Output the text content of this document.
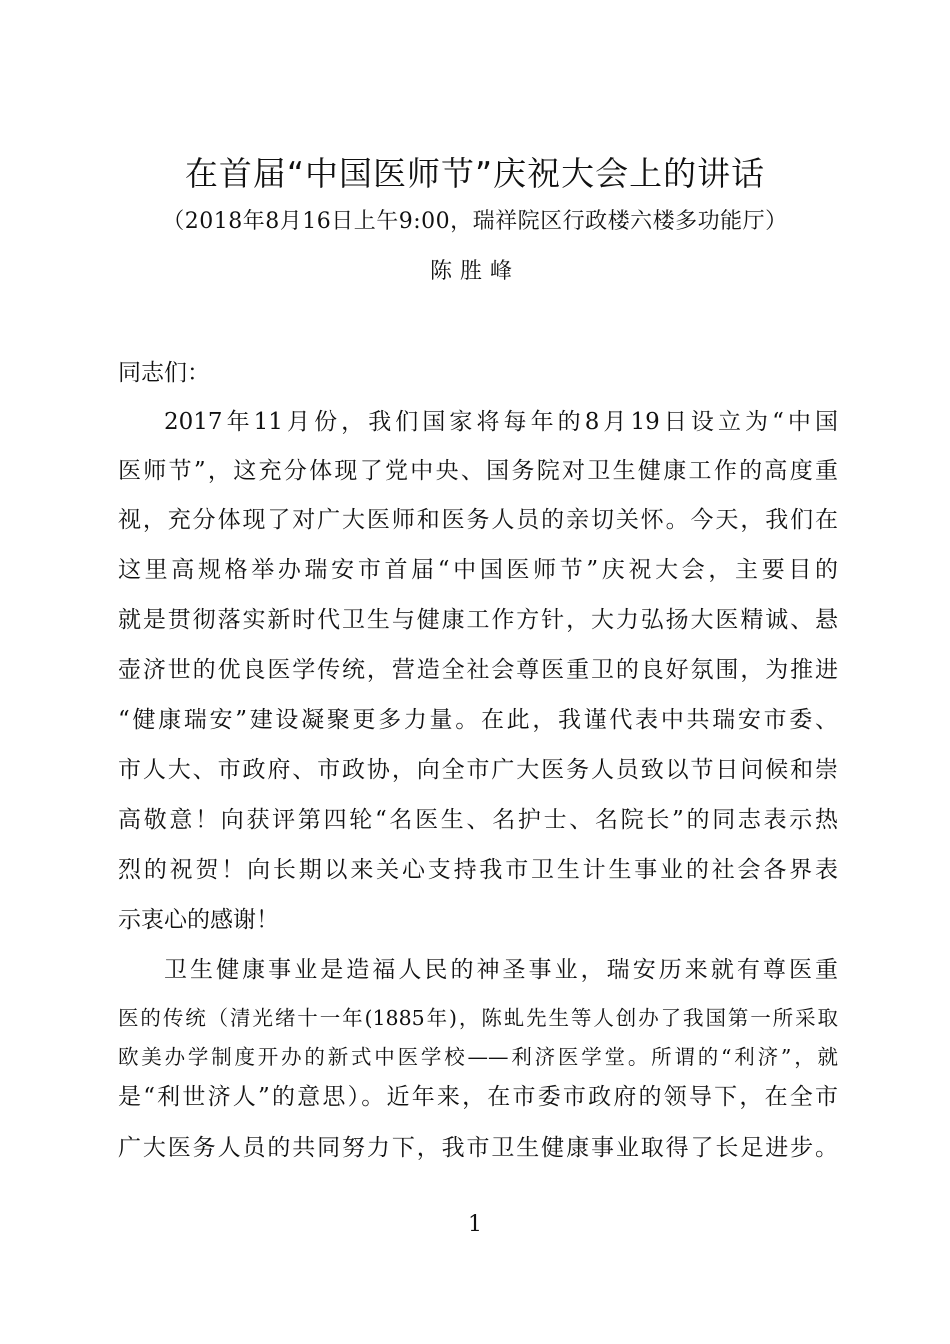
在首届“中国医师节”庆祝大会上的讲话
（2018年8月16日上午9:00，瑞祥院区行政楼六楼多功能厅）
陈胜峰
同志们：
2017年11月份，我们国家将每年的8月19日设立为“中国
医师节”，这充分体现了党中央、国务院对卫生健康工作的高度重
视，充分体现了对广大医师和医务人员的亲切关怀。今天，我们在
这里高规格举办瑞安市首届“中国医师节”庆祝大会，主要目的
就是贯彻落实新时代卫生与健康工作方针，大力弘扬大医精诚、悬
壶济世的优良医学传统，营造全社会尊医重卫的良好氛围，为推进
“健康瑞安”建设凝聚更多力量。在此，我谨代表中共瑞安市委、
市人大、市政府、市政协，向全市广大医务人员致以节日问候和崇
高敬意！向获评第四轮“名医生、名护士、名院长”的同志表示热
烈的祝贺！向长期以来关心支持我市卫生计生事业的社会各界表
示衷心的感谢！
卫生健康事业是造福人民的神圣事业，瑞安历来就有尊医重
医的传统（清光绪十一年(1885年)，陈虬先生等人创办了我国第一所采取
欧美办学制度开办的新式中医学校——利济医学堂。所谓的“利济”，就
是“利世济人”的意思）。近年来，在市委市政府的领导下，在全市
广大医务人员的共同努力下，我市卫生健康事业取得了长足进步。
1
